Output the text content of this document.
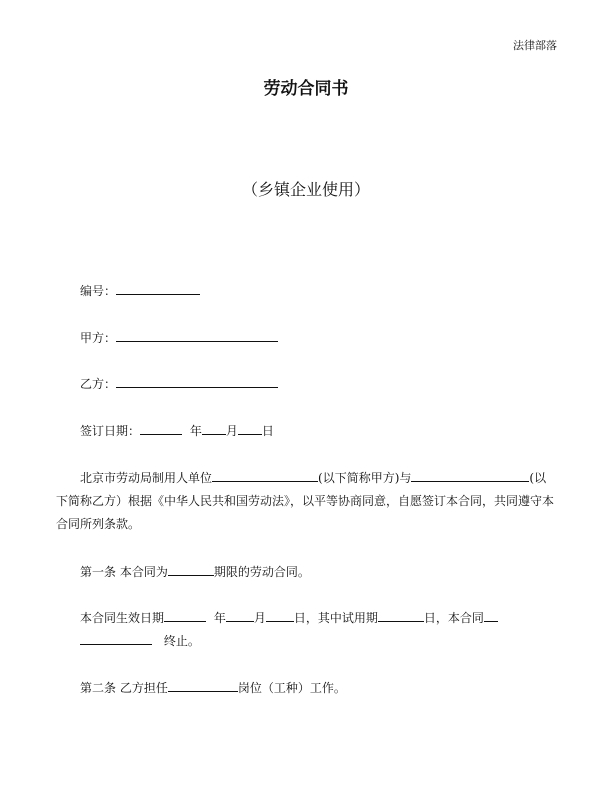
法律部落
劳动合同书
（乡镇企业使用）
编号：
甲方：
乙方：
签订日期：	年 月 日
北京市劳动局制用人单位	(以下简称甲方)与	(以
下简称乙方）根据《中华人民共和国劳动法》，以平等协商同意，自愿签订本合同，共同遵守本
合同所列条款。
第一条 本合同为	期限的劳动合同。
本合同生效日期	年 月 日，其中试用期	日，本合同
终止。
第二条 乙方担任	岗位（工种）工作。
